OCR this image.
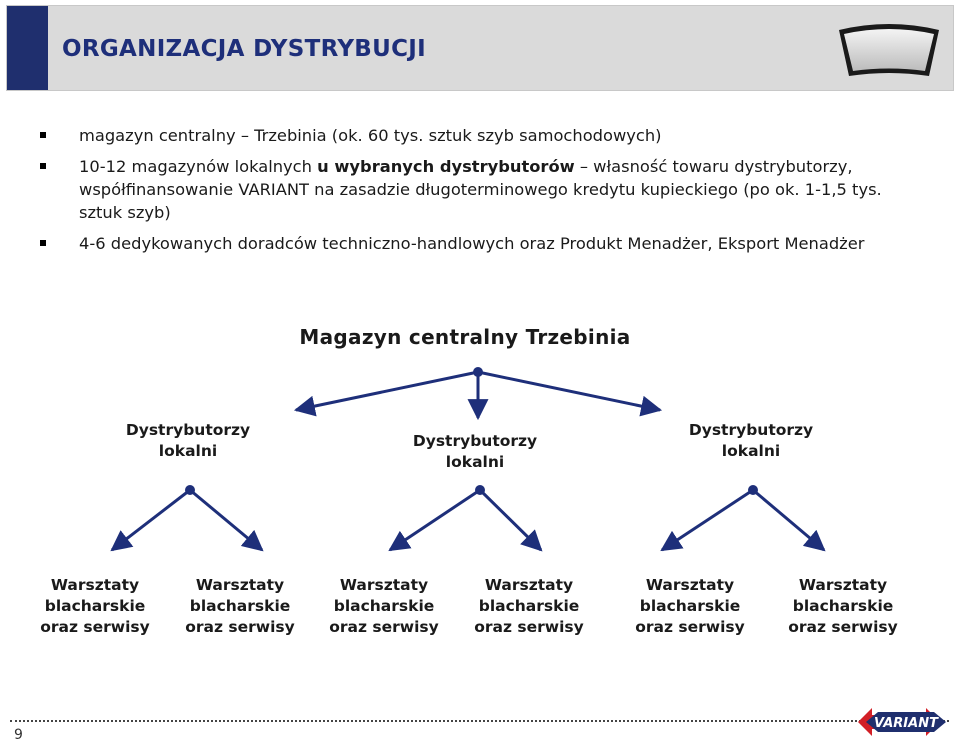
ORGANIZACJA DYSTRYBUCJI
magazyn centralny – Trzebinia (ok. 60 tys. sztuk szyb samochodowych)
10-12 magazynów lokalnych u wybranych dystrybutorów – własność towaru dystrybutorzy, współfinansowanie VARIANT na zasadzie długoterminowego kredytu kupieckiego (po ok. 1-1,5 tys. sztuk szyb)
4-6 dedykowanych doradców techniczno-handlowych oraz Produkt Menadżer, Eksport Menadżer
Magazyn centralny Trzebinia
Dystrybutorzy
lokalni
Dystrybutorzy
lokalni
Dystrybutorzy
lokalni
Warsztaty
blacharskie
oraz serwisy
Warsztaty
blacharskie
oraz serwisy
Warsztaty
blacharskie
oraz serwisy
Warsztaty
blacharskie
oraz serwisy
Warsztaty
blacharskie
oraz serwisy
Warsztaty
blacharskie
oraz serwisy
9
VARIANT
